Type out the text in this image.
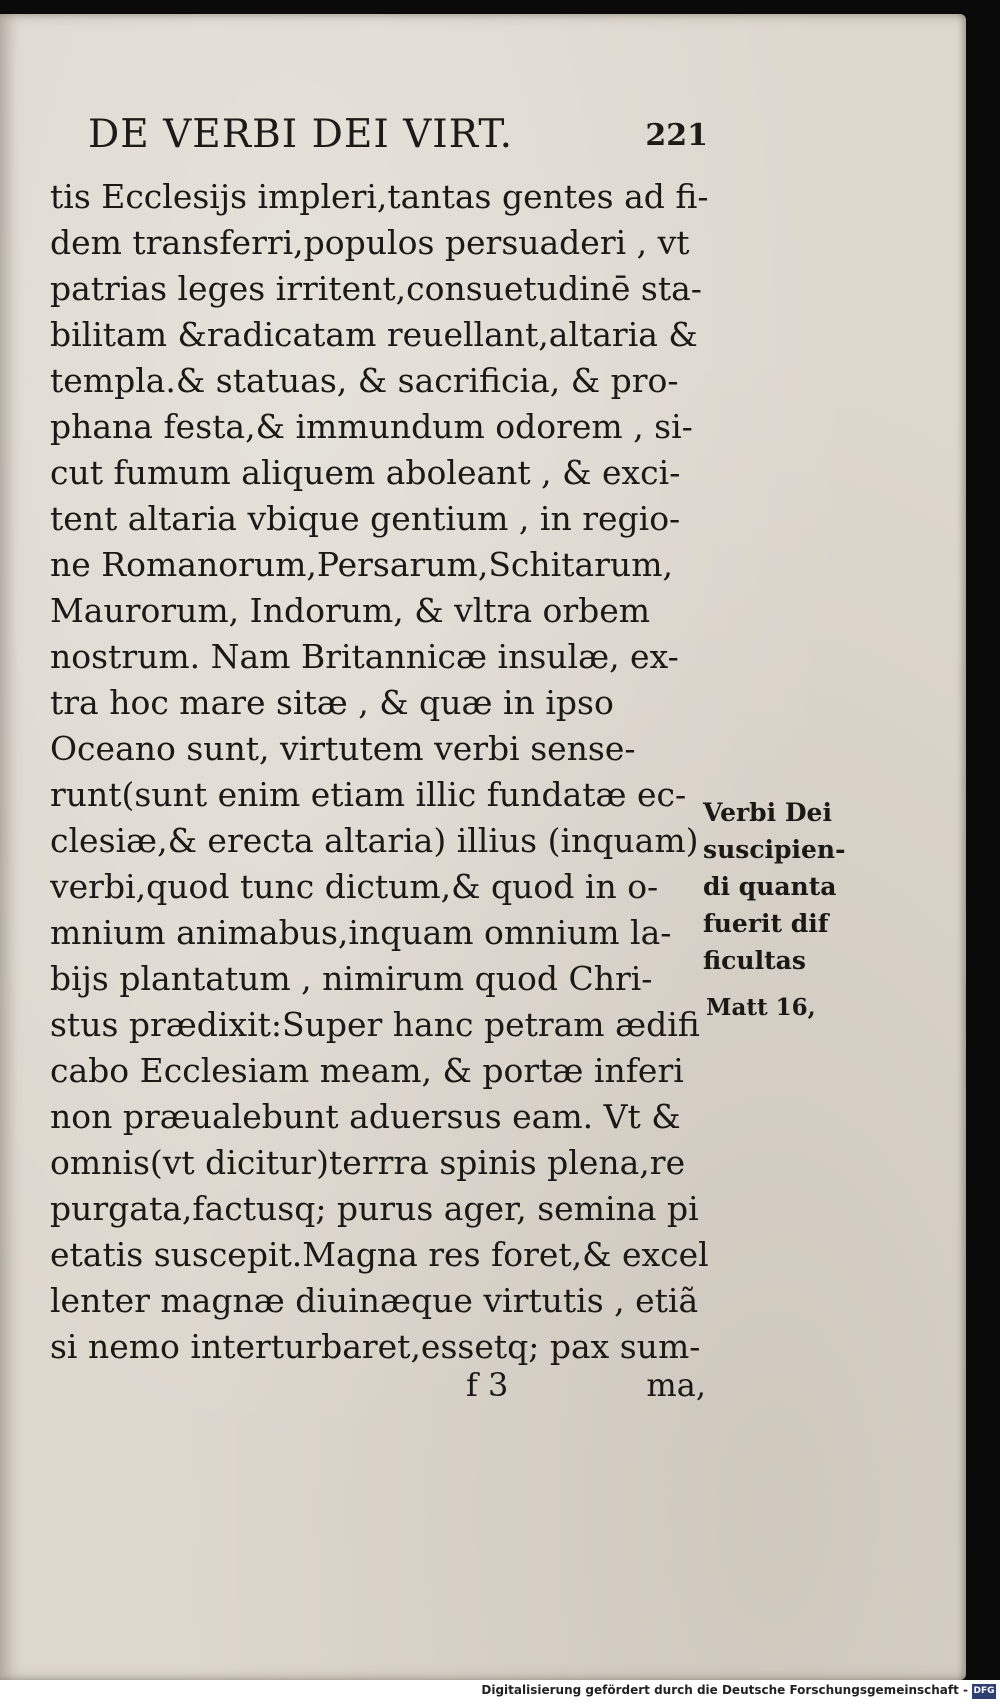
DE VERBI DEI VIRT.	221
tis Ecclesijs impleri,tantas gentes ad fi-
dem transferri,populos persuaderi , vt
patrias leges irritent,consuetudinē sta-
bilitam &radicatam reuellant,altaria &
templa.& statuas, & sacrificia, & pro-
phana festa,& immundum odorem , si-
cut fumum aliquem aboleant , & exci-
tent altaria vbique gentium , in regio-
ne Romanorum,Persarum,Schitarum,
Maurorum, Indorum, & vltra orbem
nostrum. Nam Britannicæ insulæ, ex-
tra hoc mare sitæ , & quæ in ipso
Oceano sunt, virtutem verbi sense-
runt(sunt enim etiam illic fundatæ ec-
clesiæ,& erecta altaria) illius (inquam)
verbi,quod tunc dictum,& quod in o-
mnium animabus,inquam omnium la-
bijs plantatum , nimirum quod Chri-
stus prædixit:Super hanc petram ædifi
cabo Ecclesiam meam, & portæ inferi
non præualebunt aduersus eam. Vt &
omnis(vt dicitur)terrra spinis plena,re
purgata,factusq; purus ager, semina pi
etatis suscepit.Magna res foret,& excel
lenter magnæ diuinæque virtutis , etiã
si nemo interturbaret,essetq; pax sum-
f 3	ma,
Verbi Dei
suscipien-
di quanta
fuerit dif
ficultas
Matt 16,
Digitalisierung gefördert durch die Deutsche Forschungsgemeinschaft - DFG
